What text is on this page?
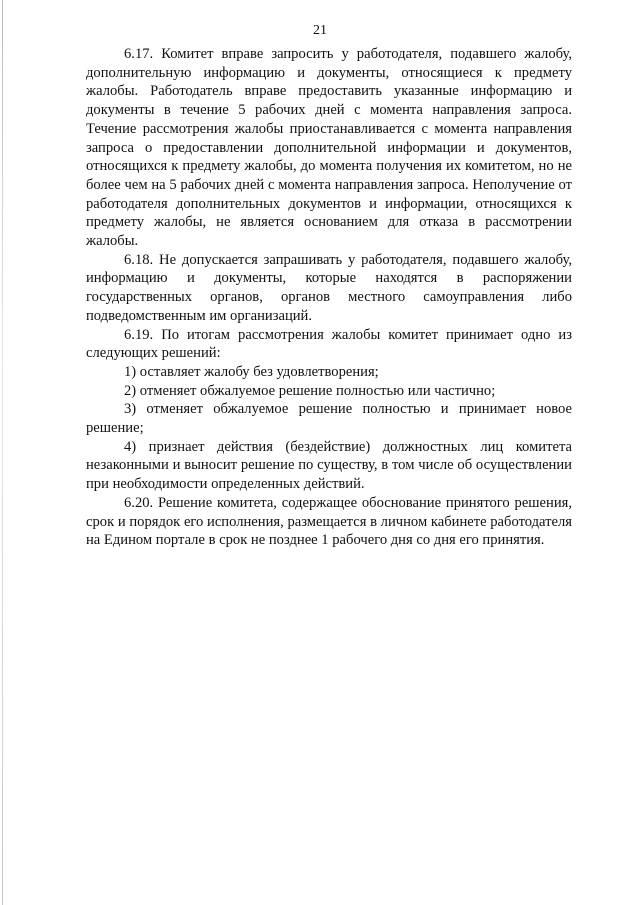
21

6.17. Комитет вправе запросить у работодателя, подавшего жалобу, дополнительную информацию и документы, относящиеся к предмету жалобы. Работодатель вправе предоставить указанные информацию и документы в течение 5 рабочих дней с момента направления запроса. Течение рассмотрения жалобы приостанавливается с момента направления запроса о предоставлении дополнительной информации и документов, относящихся к предмету жалобы, до момента получения их комитетом, но не более чем на 5 рабочих дней с момента направления запроса. Неполучение от работодателя дополнительных документов и информации, относящихся к предмету жалобы, не является основанием для отказа в рассмотрении жалобы.

6.18. Не допускается запрашивать у работодателя, подавшего жалобу, информацию и документы, которые находятся в распоряжении государственных органов, органов местного самоуправления либо подведомственным им организаций.

6.19. По итогам рассмотрения жалобы комитет принимает одно из следующих решений:

1) оставляет жалобу без удовлетворения;

2) отменяет обжалуемое решение полностью или частично;

3) отменяет обжалуемое решение полностью и принимает новое решение;

4) признает действия (бездействие) должностных лиц комитета незаконными и выносит решение по существу, в том числе об осуществлении при необходимости определенных действий.

6.20. Решение комитета, содержащее обоснование принятого решения, срок и порядок его исполнения, размещается в личном кабинете работодателя на Едином портале в срок не позднее 1 рабочего дня со дня его принятия.
